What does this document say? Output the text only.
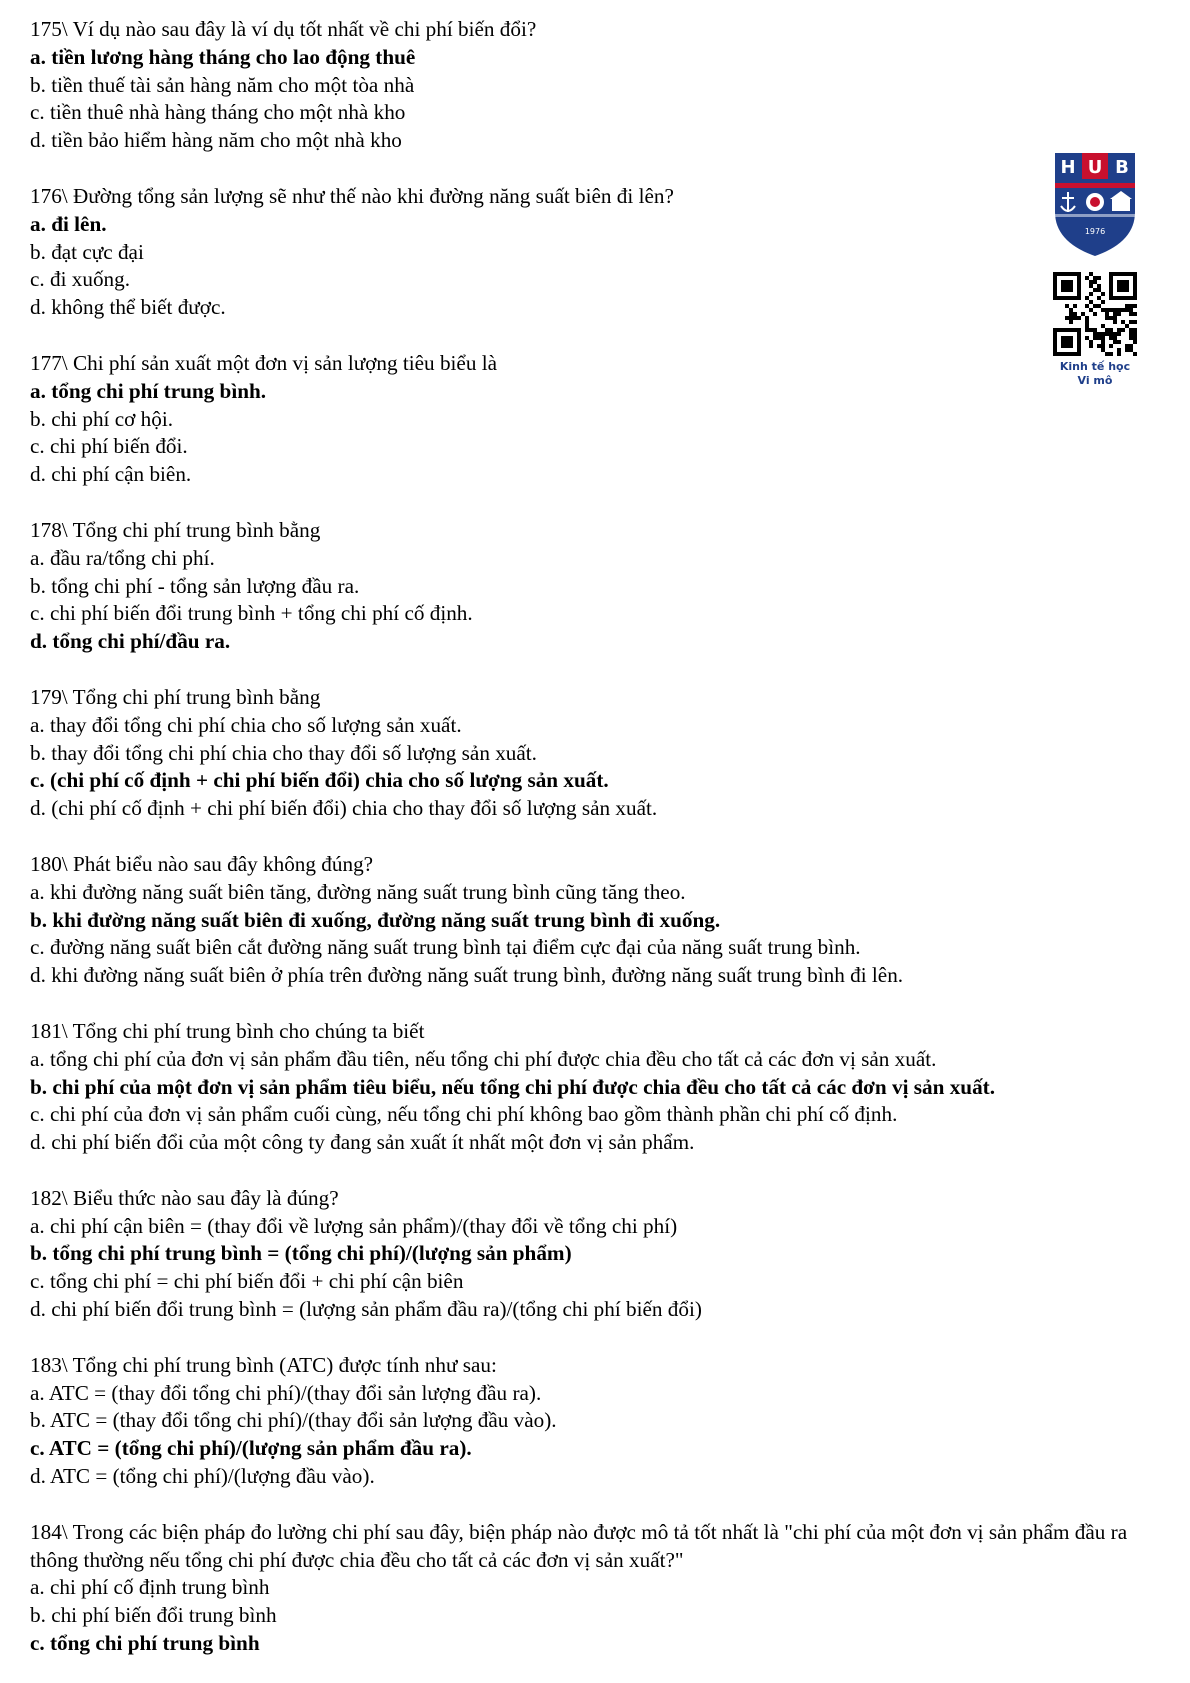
175\ Ví dụ nào sau đây là ví dụ tốt nhất về chi phí biến đổi?
a. tiền lương hàng tháng cho lao động thuê
b. tiền thuế tài sản hàng năm cho một tòa nhà
c. tiền thuê nhà hàng tháng cho một nhà kho
d. tiền bảo hiểm hàng năm cho một nhà kho
176\ Đường tổng sản lượng sẽ như thế nào khi đường năng suất biên đi lên?
a. đi lên.
b. đạt cực đại
c. đi xuống.
d. không thể biết được.
177\ Chi phí sản xuất một đơn vị sản lượng tiêu biểu là
a. tổng chi phí trung bình.
b. chi phí cơ hội.
c. chi phí biến đổi.
d. chi phí cận biên.
178\ Tổng chi phí trung bình bằng
a. đầu ra/tổng chi phí.
b. tổng chi phí - tổng sản lượng đầu ra.
c. chi phí biến đổi trung bình + tổng chi phí cố định.
d. tổng chi phí/đầu ra.
179\ Tổng chi phí trung bình bằng
a. thay đổi tổng chi phí chia cho số lượng sản xuất.
b. thay đổi tổng chi phí chia cho thay đổi số lượng sản xuất.
c. (chi phí cố định + chi phí biến đổi) chia cho số lượng sản xuất.
d. (chi phí cố định + chi phí biến đổi) chia cho thay đổi số lượng sản xuất.
180\ Phát biểu nào sau đây không đúng?
a. khi đường năng suất biên tăng, đường năng suất trung bình cũng tăng theo.
b. khi đường năng suất biên đi xuống, đường năng suất trung bình đi xuống.
c. đường năng suất biên cắt đường năng suất trung bình tại điểm cực đại của năng suất trung bình.
d. khi đường năng suất biên ở phía trên đường năng suất trung bình, đường năng suất trung bình đi lên.
181\ Tổng chi phí trung bình cho chúng ta biết
a. tổng chi phí của đơn vị sản phẩm đầu tiên, nếu tổng chi phí được chia đều cho tất cả các đơn vị sản xuất.
b. chi phí của một đơn vị sản phẩm tiêu biểu, nếu tổng chi phí được chia đều cho tất cả các đơn vị sản xuất.
c. chi phí của đơn vị sản phẩm cuối cùng, nếu tổng chi phí không bao gồm thành phần chi phí cố định.
d. chi phí biến đổi của một công ty đang sản xuất ít nhất một đơn vị sản phẩm.
182\ Biểu thức nào sau đây là đúng?
a. chi phí cận biên = (thay đổi về lượng sản phẩm)/(thay đổi về tổng chi phí)
b. tổng chi phí trung bình = (tổng chi phí)/(lượng sản phẩm)
c. tổng chi phí = chi phí biến đổi + chi phí cận biên
d. chi phí biến đổi trung bình = (lượng sản phẩm đầu ra)/(tổng chi phí biến đổi)
183\ Tổng chi phí trung bình (ATC) được tính như sau:
a. ATC = (thay đổi tổng chi phí)/(thay đổi sản lượng đầu ra).
b. ATC = (thay đổi tổng chi phí)/(thay đổi sản lượng đầu vào).
c. ATC = (tổng chi phí)/(lượng sản phẩm đầu ra).
d. ATC = (tổng chi phí)/(lượng đầu vào).
184\ Trong các biện pháp đo lường chi phí sau đây, biện pháp nào được mô tả tốt nhất là "chi phí của một đơn vị sản phẩm đầu ra thông thường nếu tổng chi phí được chia đều cho tất cả các đơn vị sản xuất?"
a. chi phí cố định trung bình
b. chi phí biến đổi trung bình
c. tổng chi phí trung bình
H U B
1976
Kinh tế học
Vi mô
